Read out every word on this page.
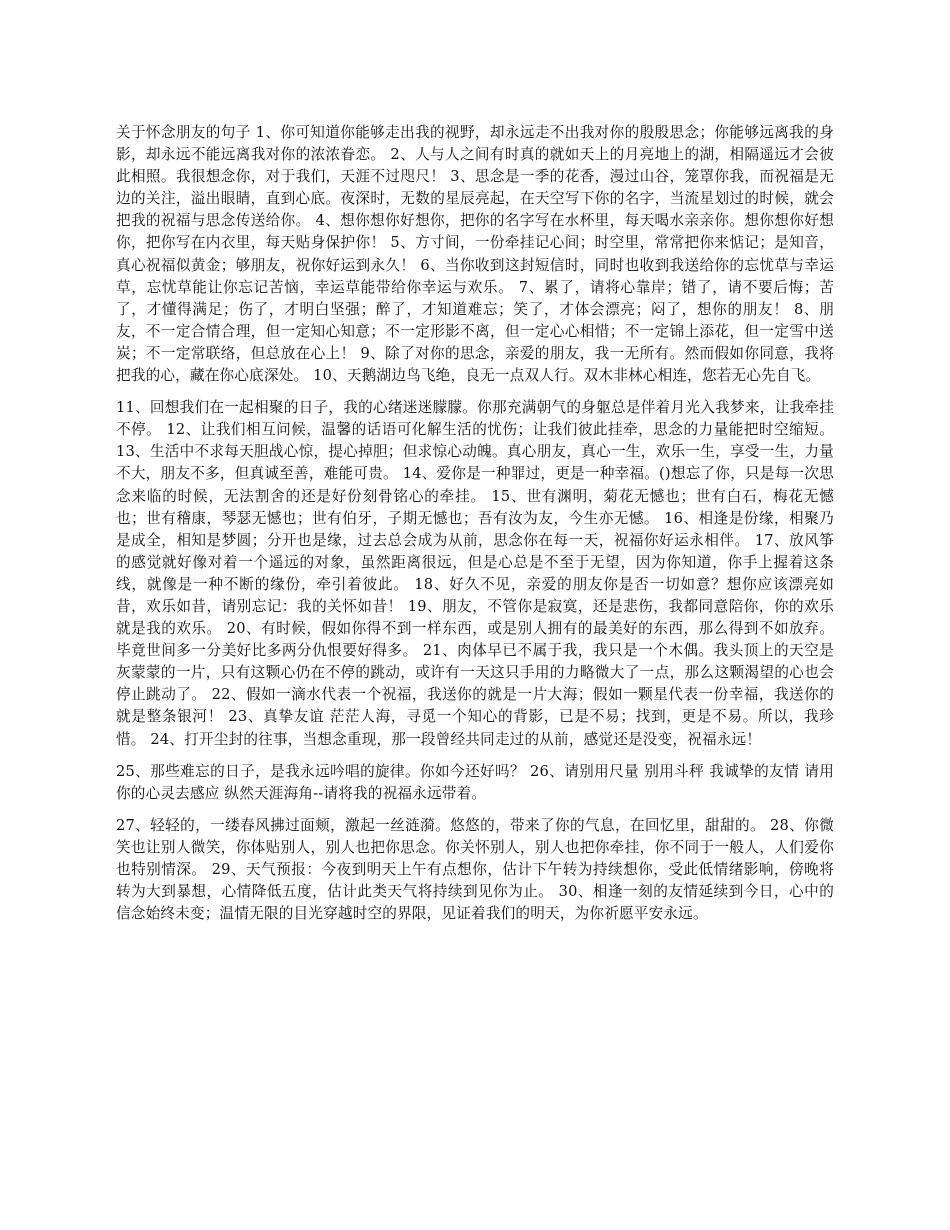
关于怀念朋友的句子 1、你可知道你能够走出我的视野，却永远走不出我对你的殷殷思念；你能够远离我的身影，却永远不能远离我对你的浓浓眷恋。 2、人与人之间有时真的就如天上的月亮地上的湖，相隔遥远才会彼此相照。我很想念你，对于我们，天涯不过咫尺！ 3、思念是一季的花香，漫过山谷，笼罩你我，而祝福是无边的关注，溢出眼睛，直到心底。夜深时，无数的星辰亮起，在天空写下你的名字，当流星划过的时候，就会把我的祝福与思念传送给你。 4、想你想你好想你，把你的名字写在水杯里，每天喝水亲亲你。想你想你好想你，把你写在内衣里，每天贴身保护你！ 5、方寸间，一份牵挂记心间；时空里，常常把你来惦记；是知音，真心祝福似黄金；够朋友，祝你好运到永久！ 6、当你收到这封短信时，同时也收到我送给你的忘忧草与幸运草，忘忧草能让你忘记苦恼，幸运草能带给你幸运与欢乐。 7、累了，请将心靠岸；错了，请不要后悔；苦了，才懂得满足；伤了，才明白坚强；醉了，才知道难忘；笑了，才体会漂亮；闷了，想你的朋友！ 8、朋友，不一定合情合理，但一定知心知意；不一定形影不离，但一定心心相惜；不一定锦上添花，但一定雪中送炭；不一定常联络，但总放在心上！ 9、除了对你的思念，亲爱的朋友，我一无所有。然而假如你同意，我将把我的心，藏在你心底深处。 10、天鹅湖边鸟飞绝，良无一点双人行。双木非林心相连，您若无心先自飞。

11、回想我们在一起相聚的日子，我的心绪迷迷朦朦。你那充满朝气的身躯总是伴着月光入我梦来，让我牵挂不停。 12、让我们相互问候，温馨的话语可化解生活的忧伤；让我们彼此挂牵，思念的力量能把时空缩短。 13、生活中不求每天胆战心惊，提心掉胆；但求惊心动魄。真心朋友，真心一生，欢乐一生，享受一生，力量不大，朋友不多，但真诚至善，难能可贵。 14、爱你是一种罪过，更是一种幸福。()想忘了你，只是每一次思念来临的时候，无法割舍的还是好份刻骨铭心的牵挂。 15、世有渊明，菊花无憾也；世有白石，梅花无憾也；世有稽康，琴瑟无憾也；世有伯牙，子期无憾也；吾有汝为友，今生亦无憾。 16、相逢是份缘，相聚乃是成全，相知是梦圆；分开也是缘，过去总会成为从前，思念你在每一天，祝福你好运永相伴。 17、放风筝的感觉就好像对着一个遥远的对象，虽然距离很远，但是心总是不至于无望，因为你知道，你手上握着这条线，就像是一种不断的缘份，牵引着彼此。 18、好久不见，亲爱的朋友你是否一切如意？想你应该漂亮如昔，欢乐如昔，请别忘记：我的关怀如昔！ 19、朋友，不管你是寂寞，还是悲伤，我都同意陪你，你的欢乐就是我的欢乐。 20、有时候，假如你得不到一样东西，或是别人拥有的最美好的东西，那么得到不如放弃。毕竟世间多一分美好比多两分仇恨要好得多。 21、肉体早已不属于我，我只是一个木偶。我头顶上的天空是灰蒙蒙的一片，只有这颗心仍在不停的跳动，或许有一天这只手用的力略微大了一点，那么这颗渴望的心也会停止跳动了。 22、假如一滴水代表一个祝福，我送你的就是一片大海；假如一颗星代表一份幸福，我送你的就是整条银河！ 23、真挚友谊 茫茫人海，寻觅一个知心的背影，已是不易；找到，更是不易。所以，我珍惜。 24、打开尘封的往事，当想念重现，那一段曾经共同走过的从前，感觉还是没变，祝福永远！

25、那些难忘的日子，是我永远吟唱的旋律。你如今还好吗？ 26、请别用尺量 别用斗秤 我诚挚的友情 请用你的心灵去感应 纵然天涯海角--请将我的祝福永远带着。

27、轻轻的，一缕春风拂过面颊，激起一丝涟漪。悠悠的，带来了你的气息，在回忆里，甜甜的。 28、你微笑也让别人微笑，你体贴别人，别人也把你思念。你关怀别人，别人也把你牵挂，你不同于一般人，人们爱你也特别情深。 29、天气预报：今夜到明天上午有点想你，估计下午转为持续想你，受此低情绪影响，傍晚将转为大到暴想，心情降低五度，估计此类天气将持续到见你为止。 30、相逢一刻的友情延续到今日，心中的信念始终未变；温情无限的目光穿越时空的界限，见证着我们的明天，为你祈愿平安永远。
